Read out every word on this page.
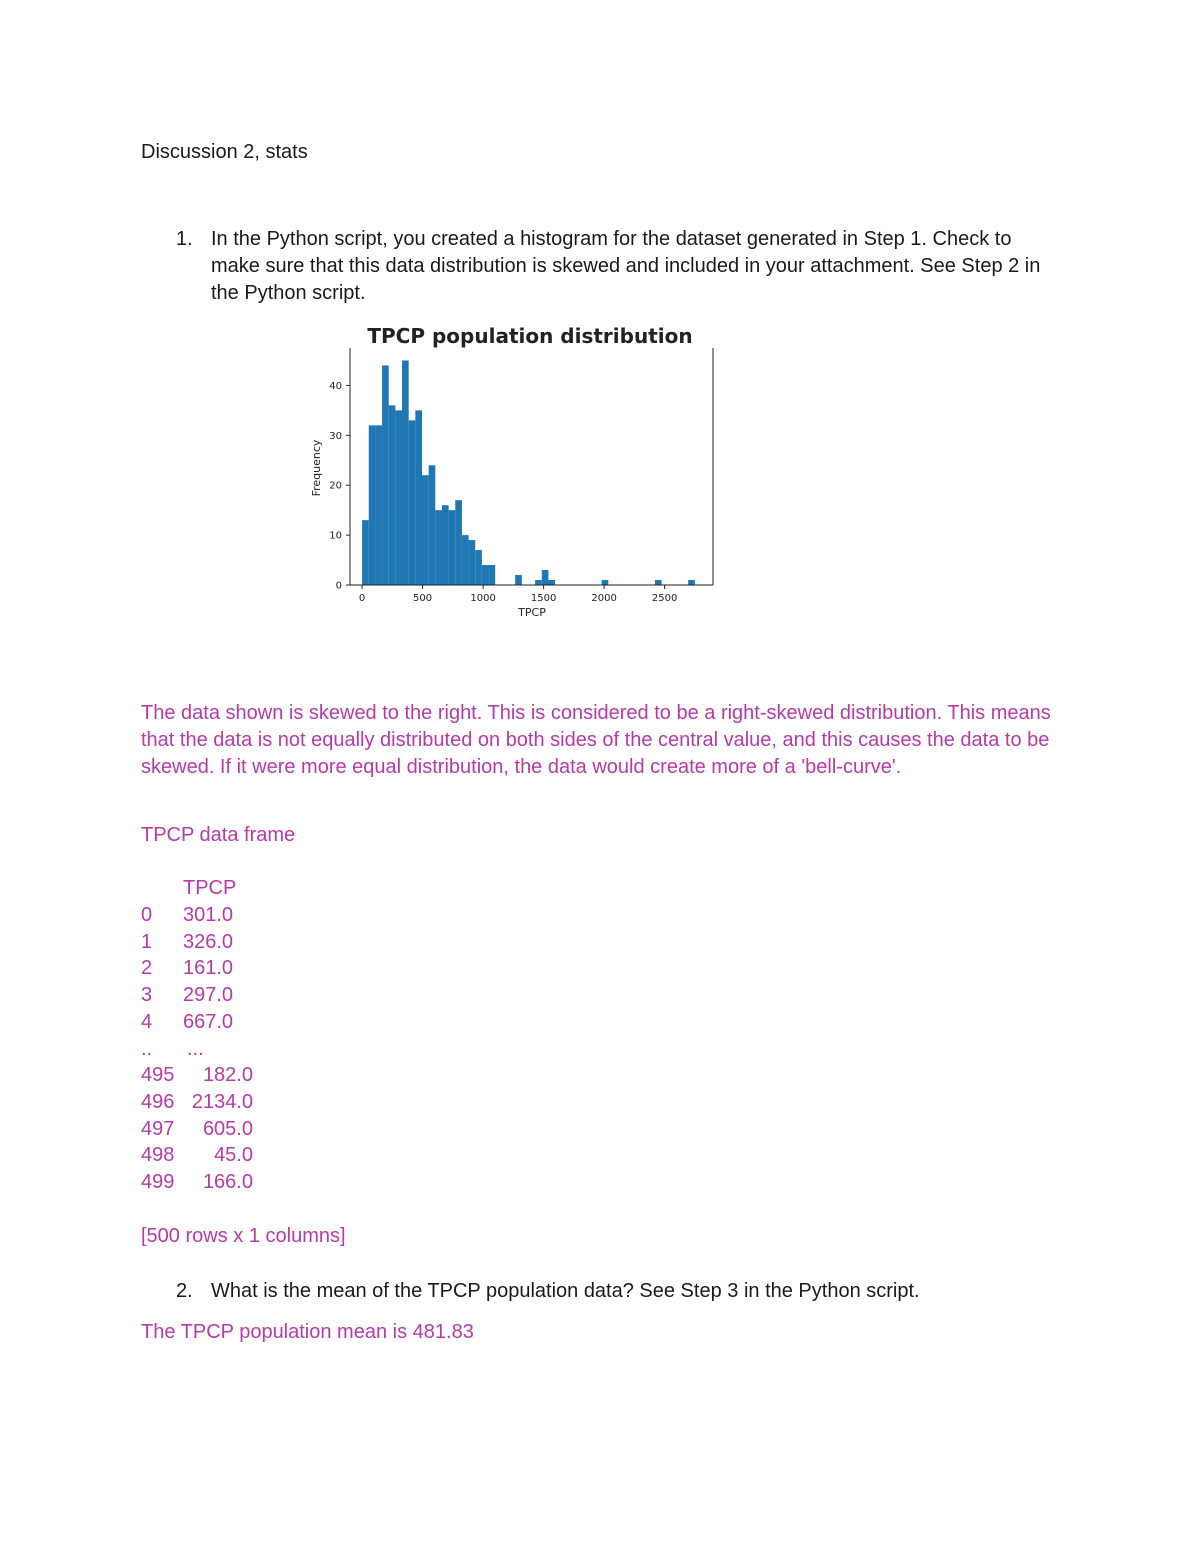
Discussion 2, stats
1. In the Python script, you created a histogram for the dataset generated in Step 1. Check to make sure that this data distribution is skewed and included in your attachment. See Step 2 in the Python script.
TPCP population distribution
0	500	1000	1500	2000	2500
0
10
20
30
40
TPCP
Frequency
The data shown is skewed to the right. This is considered to be a right-skewed distribution. This means that the data is not equally distributed on both sides of the central value, and this causes the data to be skewed. If it were more equal distribution, the data would create more of a 'bell-curve'.
TPCP data frame
TPCP
0 301.0
1 326.0
2 161.0
3 297.0
4 667.0
.. ...
495	182.0
496 2134.0
497	605.0
498	45.0
499	166.0
[500 rows x 1 columns]
2. What is the mean of the TPCP population data? See Step 3 in the Python script.
The TPCP population mean is 481.83
